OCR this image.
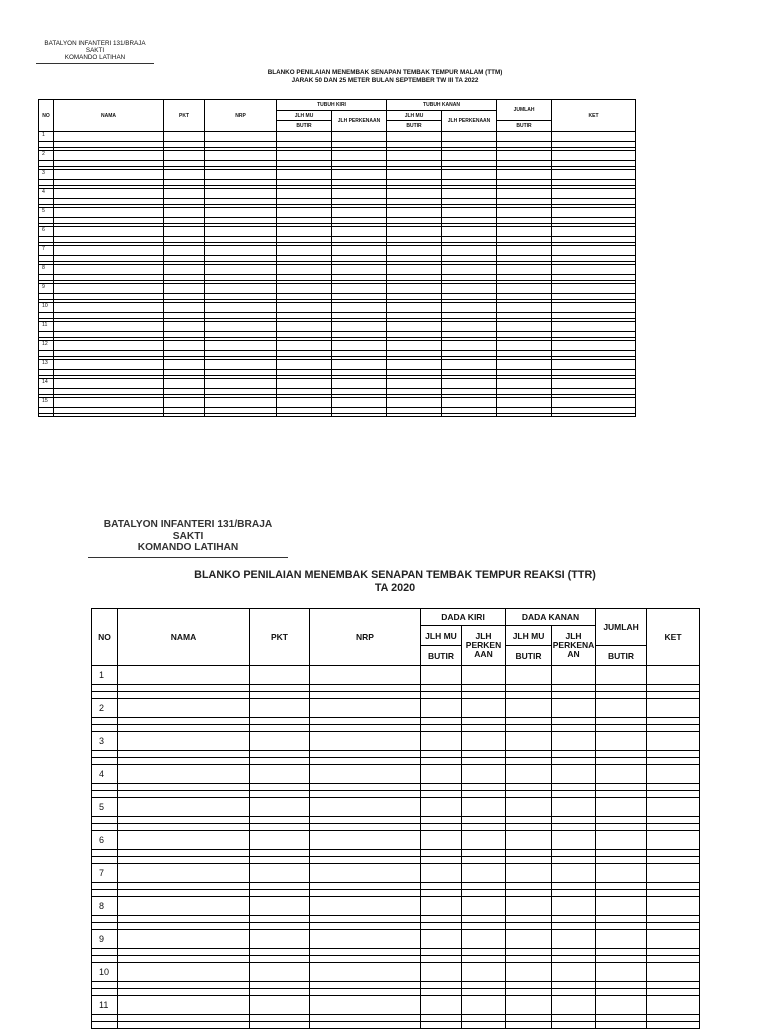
BATALYON INFANTERI 131/BRAJA SAKTI
KOMANDO LATIHAN
BLANKO PENILAIAN MENEMBAK SENAPAN TEMBAK TEMPUR MALAM (TTM)
JARAK 50 DAN 25 METER BULAN SEPTEMBER TW III TA 2022
NO	NAMA	PKT	NRP	TUBUH KIRI		TUBUH KANAN		JUMLAH	KET
				JLH MU	JLH PERKENAAN	JLH MU	JLH PERKENAAN		
				BUTIR		BUTIR		BUTIR	
1									

2									

3									

4									

5									

6									

7									

8									

9									

10									

11									

12									

13									

14									

15									

BATALYON INFANTERI 131/BRAJA SAKTI
KOMANDO LATIHAN
BLANKO PENILAIAN MENEMBAK SENAPAN TEMBAK TEMPUR REAKSI (TTR)
TA 2020
NO	NAMA	PKT	NRP	DADA KIRI		DADA KANAN		JUMLAH	KET
				JLH MU	JLH PERKEN AAN	JLH MU	JLH PERKENA AN		
				BUTIR		BUTIR		BUTIR	
1									

2									

3									

4									

5									

6									

7									

8									

9									

10									

11									
